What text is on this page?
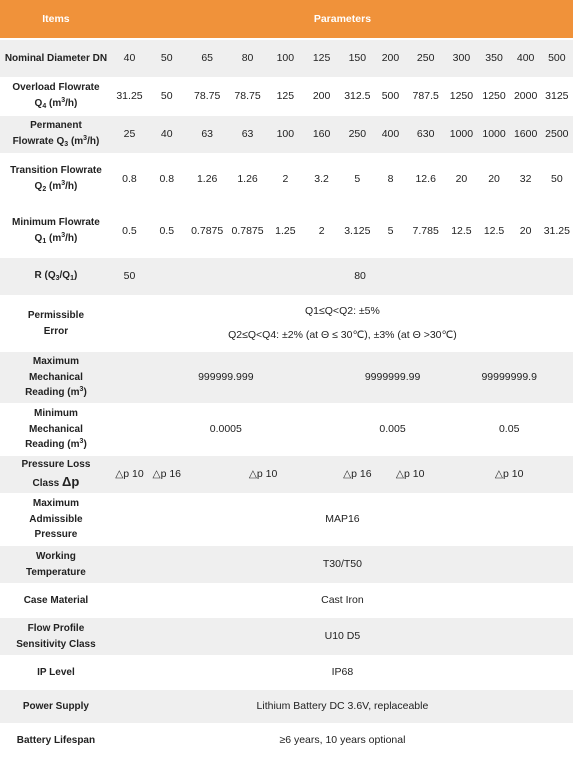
Items	Parameters												
Nominal Diameter DN	40	50	65	80	100	125	150	200	250	300	350	400	500
Overload Flowrate
$Q_4$ $(m^3/h)$	31.25	50	78.75	78.75	125	200	312.5	500	787.5	1250	1250	2000	3125
Permanent
Flowrate $Q_3$ $(m^3/h)$	25	40	63	63	100	160	250	400	630	1000	1000	1600	2500
Transition Flowrate
$Q_2$ $(m^3/h)$	0.8	0.8	1.26	1.26	2	3.2	5	8	12.6	20	20	32	50
Minimum Flowrate
$Q_1$ $(m^3/h)$	0.5	0.5	0.7875	0.7875	1.25	2	3.125	5	7.785	12.5	12.5	20	31.25
R $(Q_3/Q_1)$	50	80											
Permissible
Error	Q1≤Q<Q2: ±5%
Q2≤Q<Q4: ±2% (at Θ ≤ 30℃), ±3% (at Θ >30℃)												
Maximum
Mechanical
Reading $(m^3)$	999999.999						9999999.99			99999999.9			
Minimum
Mechanical
Reading $(m^3)$	0.0005						0.005			0.05			
Pressure Loss
Class Δp	△p 10	△p 16	△p 10				△p 16	△p 10		△p 10			
Maximum
Admissible
Pressure	MAP16												
Working
Temperature	T30/T50												
Case Material	Cast Iron												
Flow Profile
Sensitivity Class	U10 D5												
IP Level	IP68												
Power Supply	Lithium Battery DC 3.6V, replaceable												
Battery Lifespan	≥6 years, 10 years optional												
